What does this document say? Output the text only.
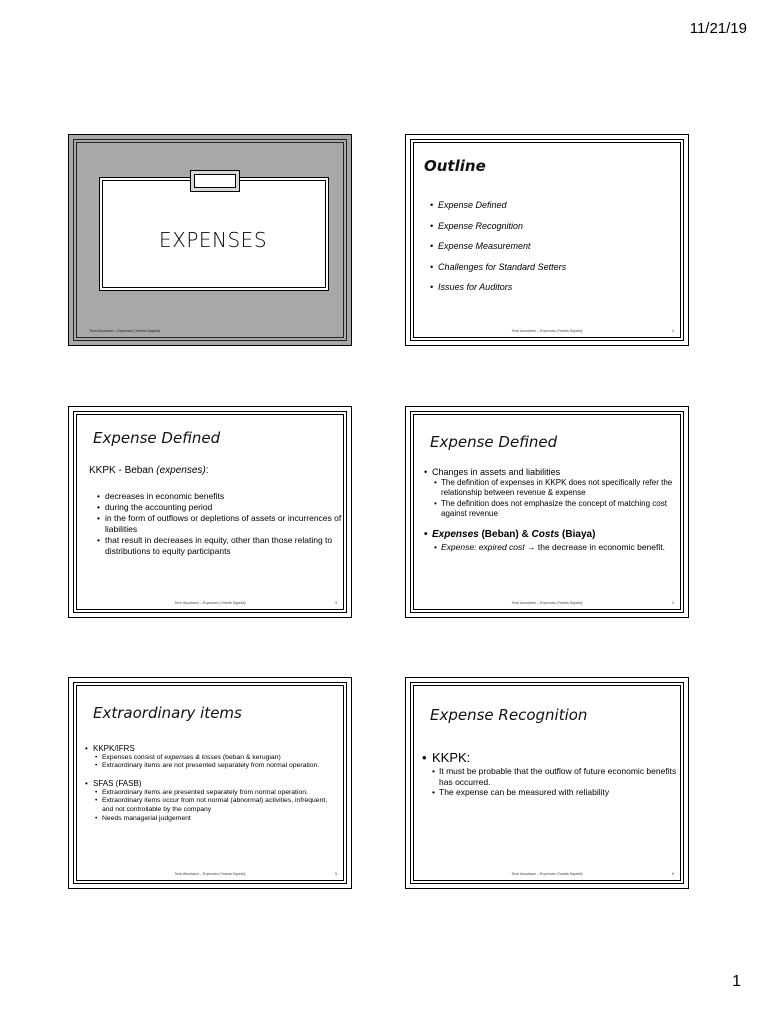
11/21/19
EXPENSES
Teori Akuntansi – Expenses (Yosefa Sayekti)
Outline
• Expense Defined
• Expense Recognition
• Expense Measurement
• Challenges for Standard Setters
• Issues for Auditors
Teori Akuntansi – Expenses (Yosefa Sayekti)	2
Expense Defined
KKPK - Beban (expenses):
• decreases in economic benefits
• during the accounting period
• in the form of outflows or depletions of assets or incurrences of liabilities
• that result in decreases in equity, other than those relating to distributions to equity participants
Teori Akuntansi – Expenses (Yosefa Sayekti)	3
Expense Defined
• Changes in assets and liabilities
• The definition of expenses in KKPK does not specifically refer the relationship between revenue & expense
• The definition does not emphasize the concept of matching cost against revenue
• Expenses (Beban) & Costs (Biaya)
• Expense: expired cost → the decrease in economic benefit.
Teori Akuntansi – Expenses (Yosefa Sayekti)	4
Extraordinary items
• KKPK/IFRS
• Expenses consist of expenses & losses (beban & kerugian)
• Extraordinary items are not presented separately from normal operation.
• SFAS (FASB)
• Extraordinary items are presented separately from normal operation.
• Extraordinary items occur from not normal (abnormal) activities, infrequent, and not controllable by the company
• Needs managerial judgement
Teori Akuntansi – Expenses (Yosefa Sayekti)	5
Expense Recognition
• KKPK:
• It must be probable that the outflow of future economic benefits has occurred.
• The expense can be measured with reliability
Teori Akuntansi – Expenses (Yosefa Sayekti)	6
1
